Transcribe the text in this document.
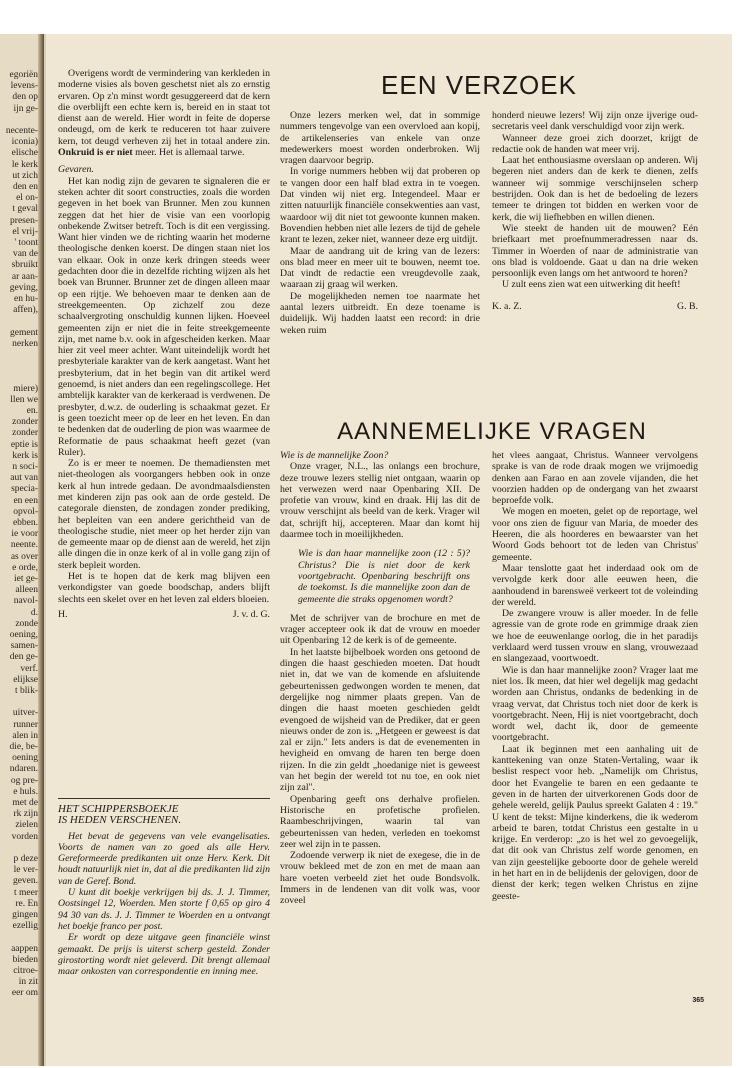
egoriën
levens-
den op
ijn ge-
necente-
iconia)
elische
le kerk
ut zich
den en
el on-
t geval
presen-
el vrij-
' toont
van de
sbruikt
ar aan-
geving,
en hu-
affen),
gement
nerken
miere)
llen we
en.
zonder
zonder
eptie is
kerk is
n soci-
aut van
specia-
en een
opvol-
ebben.
ie voor
neente.
as over
e orde,
iet ge-
alleen
navol-
d.
zonde
oening,
samen-
den ge-
verf.
elijkse
t blik-
uitver-
runner
alen in
die, be-
oening
ndaren.
og pre-
e huls.
met de
rk zijn
zielen
vorden
p deze
le ver-
geven.
t meer
re. En
gingen
ezellig
aappen
bieden
citroe-
in zit
eer om

Overigens wordt de vermindering van kerkleden in moderne visies als boven geschetst niet als zo ernstig ervaren. Op z'n minst wordt gesuggereerd dat de kern die overblijft een echte kern is, bereid en in staat tot dienst aan de wereld. Hier wordt in feite de doperse ondeugd, om de kerk te reduceren tot haar zuivere kern, tot deugd verheven zij het in totaal andere zin. Onkruid is er niet meer. Het is allemaal tarwe.

Gevaren.

Het kan nodig zijn de gevaren te signaleren die er steken achter dit soort constructies, zoals die worden gegeven in het boek van Brunner. Men zou kunnen zeggen dat het hier de visie van een voorlopig onbekende Zwitser betreft. Toch is dit een vergissing. Want hier vinden we de richting waarin het moderne theologische denken koerst. De dingen staan niet los van elkaar. Ook in onze kerk dringen steeds weer gedachten door die in dezelfde richting wijzen als het boek van Brunner. Brunner zet de dingen alleen maar op een rijtje. We behoeven maar te denken aan de streekgemeenten. Op zichzelf zou deze schaalvergroting onschuldig kunnen lijken. Hoeveel gemeenten zijn er niet die in feite streekgemeente zijn, met name b.v. ook in afgescheiden kerken. Maar hier zit veel meer achter. Want uiteindelijk wordt het presbyteriale karakter van de kerk aangetast. Want het presbyterium, dat in het begin van dit artikel werd genoemd, is niet anders dan een regelingscollege. Het ambtelijk karakter van de kerkeraad is verdwenen. De presbyter, d.w.z. de ouderling is schaakmat gezet. Er is geen toezicht meer op de leer en het leven. En dan te bedenken dat de ouderling de pion was waarmee de Reformatie de paus schaakmat heeft gezet (van Ruler).

Zo is er meer te noemen. De themadiensten met niet-theologen als voorgangers hebben ook in onze kerk al hun intrede gedaan. De avondmaalsdiensten met kinderen zijn pas ook aan de orde gesteld. De categorale diensten, de zondagen zonder prediking, het bepleiten van een andere gerichtheid van de theologische studie, niet meer op het herder zijn van de gemeente maar op de dienst aan de wereld, het zijn alle dingen die in onze kerk of al in volle gang zijn of sterk bepleit worden.

Het is te hopen dat de kerk mag blijven een verkondigster van goede boodschap, anders blijft slechts een skelet over en het leven zal elders bloeien.

H.	J. v. d. G.

HET SCHIPPERSBOEKJE

IS HEDEN VERSCHENEN.

Het bevat de gegevens van vele evangelisaties. Voorts de namen van zo goed als alle Herv. Gereformeerde predikanten uit onze Herv. Kerk. Dit houdt natuurlijk niet in, dat al die predikanten lid zijn van de Geref. Bond.

U kunt dit boekje verkrijgen bij ds. J. J. Timmer, Oostsingel 12, Woerden. Men storte f 0,65 op giro 4 94 30 van ds. J. J. Timmer te Woerden en u ontvangt het boekje franco per post.

Er wordt op deze uitgave geen financiële winst gemaakt. De prijs is uiterst scherp gesteld. Zonder girostorting wordt niet geleverd. Dit brengt allemaal maar onkosten van correspondentie en inning mee.

EEN VERZOEK

Onze lezers merken wel, dat in sommige nummers tengevolge van een overvloed aan kopij, de artikelenseries van enkele van onze medewerkers moest worden onderbroken. Wij vragen daarvoor begrip.

In vorige nummers hebben wij dat proberen op te vangen door een half blad extra in te voegen. Dat vinden wij niet erg. Integendeel. Maar er zitten natuurlijk financiële consekwenties aan vast, waardoor wij dit niet tot gewoonte kunnen maken. Bovendien hebben niet alle lezers de tijd de gehele krant te lezen, zeker niet, wanneer deze erg uitdijt.

Maar de aandrang uit de kring van de lezers: ons blad meer en meer uit te bouwen, neemt toe. Dat vindt de redactie een vreugdevolle zaak, waaraan zij graag wil werken.

De mogelijkheden nemen toe naarmate het aantal lezers uitbreidt. En deze toename is duidelijk. Wij hadden laatst een record: in drie weken ruim

honderd nieuwe lezers! Wij zijn onze ijverige oud-secretaris veel dank verschuldigd voor zijn werk.

Wanneer deze groei zich doorzet, krijgt de redactie ook de handen wat meer vrij.

Laat het enthousiasme overslaan op anderen. Wij begeren niet anders dan de kerk te dienen, zelfs wanneer wij sommige verschijnselen scherp bestrijden. Ook dan is het de bedoeling de lezers temeer te dringen tot bidden en werken voor de kerk, die wij liefhebben en willen dienen.

Wie steekt de handen uit de mouwen? Eén briefkaart met proefnummeradressen naar ds. Timmer in Woerden of naar de administratie van ons blad is voldoende. Gaat u dan na drie weken persoonlijk even langs om het antwoord te horen?

U zult eens zien wat een uitwerking dit heeft!

K. a. Z.	G. B.

AANNEMELIJKE VRAGEN

Wie is de mannelijke Zoon?

Onze vrager, N.L., las onlangs een brochure, deze trouwe lezers stellig niet ontgaan, waarin op het verwezen werd naar Openbaring XII. De profetie van vrouw, kind en draak. Hij las dit de vrouw verschijnt als beeld van de kerk. Vrager wil dat, schrijft hij, accepteren. Maar dan komt hij daarmee toch in moeilijkheden.

Wie is dan haar mannelijke zoon (12 : 5)? Christus? Die is niet door de kerk voortgebracht. Openbaring beschrijft ons de toekomst. Is die mannelijke zoon dan de gemeente die straks opgenomen wordt?

Met de schrijver van de brochure en met de vrager accepteer ook ik dat de vrouw en moeder uit Openbaring 12 de kerk is of de gemeente.

In het laatste bijbelboek worden ons getoond de dingen die haast geschieden moeten. Dat houdt niet in, dat we van de komende en afsluitende gebeurtenissen gedwongen worden te menen, dat dergelijke nog nimmer plaats grepen. Van de dingen die haast moeten geschieden geldt evengoed de wijsheid van de Prediker, dat er geen nieuws onder de zon is. „Hetgeen er geweest is dat zal er zijn." Iets anders is dat de evenementen in hevigheid en omvang de haren ten berge doen rijzen. In die zin geldt „hoedanige niet is geweest van het begin der wereld tot nu toe, en ook niet zijn zal".

Openbaring geeft ons derhalve profielen. Historische en profetische profielen. Raambeschrijvingen, waarin tal van gebeurtenissen van heden, verleden en toekomst zeer wel zijn in te passen.

Zodoende verwerp ik niet de exegese, die in de vrouw bekleed met de zon en met de maan aan hare voeten verbeeld ziet het oude Bondsvolk. Immers in de lendenen van dit volk was, voor zoveel

het vlees aangaat, Christus. Wanneer vervolgens sprake is van de rode draak mogen we vrijmoedig denken aan Farao en aan zovele vijanden, die het voorzien hadden op de ondergang van het zwaarst beproefde volk.

We mogen en moeten, gelet op de reportage, wel voor ons zien de figuur van Maria, de moeder des Heeren, die als hoorderes en bewaarster van het Woord Gods behoort tot de leden van Christus' gemeente.

Maar tenslotte gaat het inderdaad ook om de vervolgde kerk door alle eeuwen heen, die aanhoudend in barensweë verkeert tot de voleinding der wereld.

De zwangere vrouw is aller moeder. In de felle agressie van de grote rode en grimmige draak zien we hoe de eeuwenlange oorlog, die in het paradijs verklaard werd tussen vrouw en slang, vrouwezaad en slangezaad, voortwoedt.

Wie is dan haar mannelijke zoon? Vrager laat me niet los. Ik meen, dat hier wel degelijk mag gedacht worden aan Christus, ondanks de bedenking in de vraag vervat, dat Christus toch niet door de kerk is voortgebracht. Neen, Hij is niet voortgebracht, doch wordt wel, dacht ik, door de gemeente voortgebracht.

Laat ik beginnen met een aanhaling uit de kanttekening van onze Staten-Vertaling, waar ik beslist respect voor heb. „Namelijk om Christus, door het Evangelie te baren en een gedaante te geven in de harten der uitverkorenen Gods door de gehele wereld, gelijk Paulus spreekt Galaten 4 : 19." U kent de tekst: Mijne kinderkens, die ik wederom arbeid te baren, totdat Christus een gestalte in u krijge. En verderop: „zo is het wel zo gevoegelijk, dat dit ook van Christus zelf worde genomen, en van zijn geestelijke geboorte door de gehele wereld in het hart en in de belijdenis der gelovigen, door de dienst der kerk; tegen welken Christus en zijne geeste-

365
